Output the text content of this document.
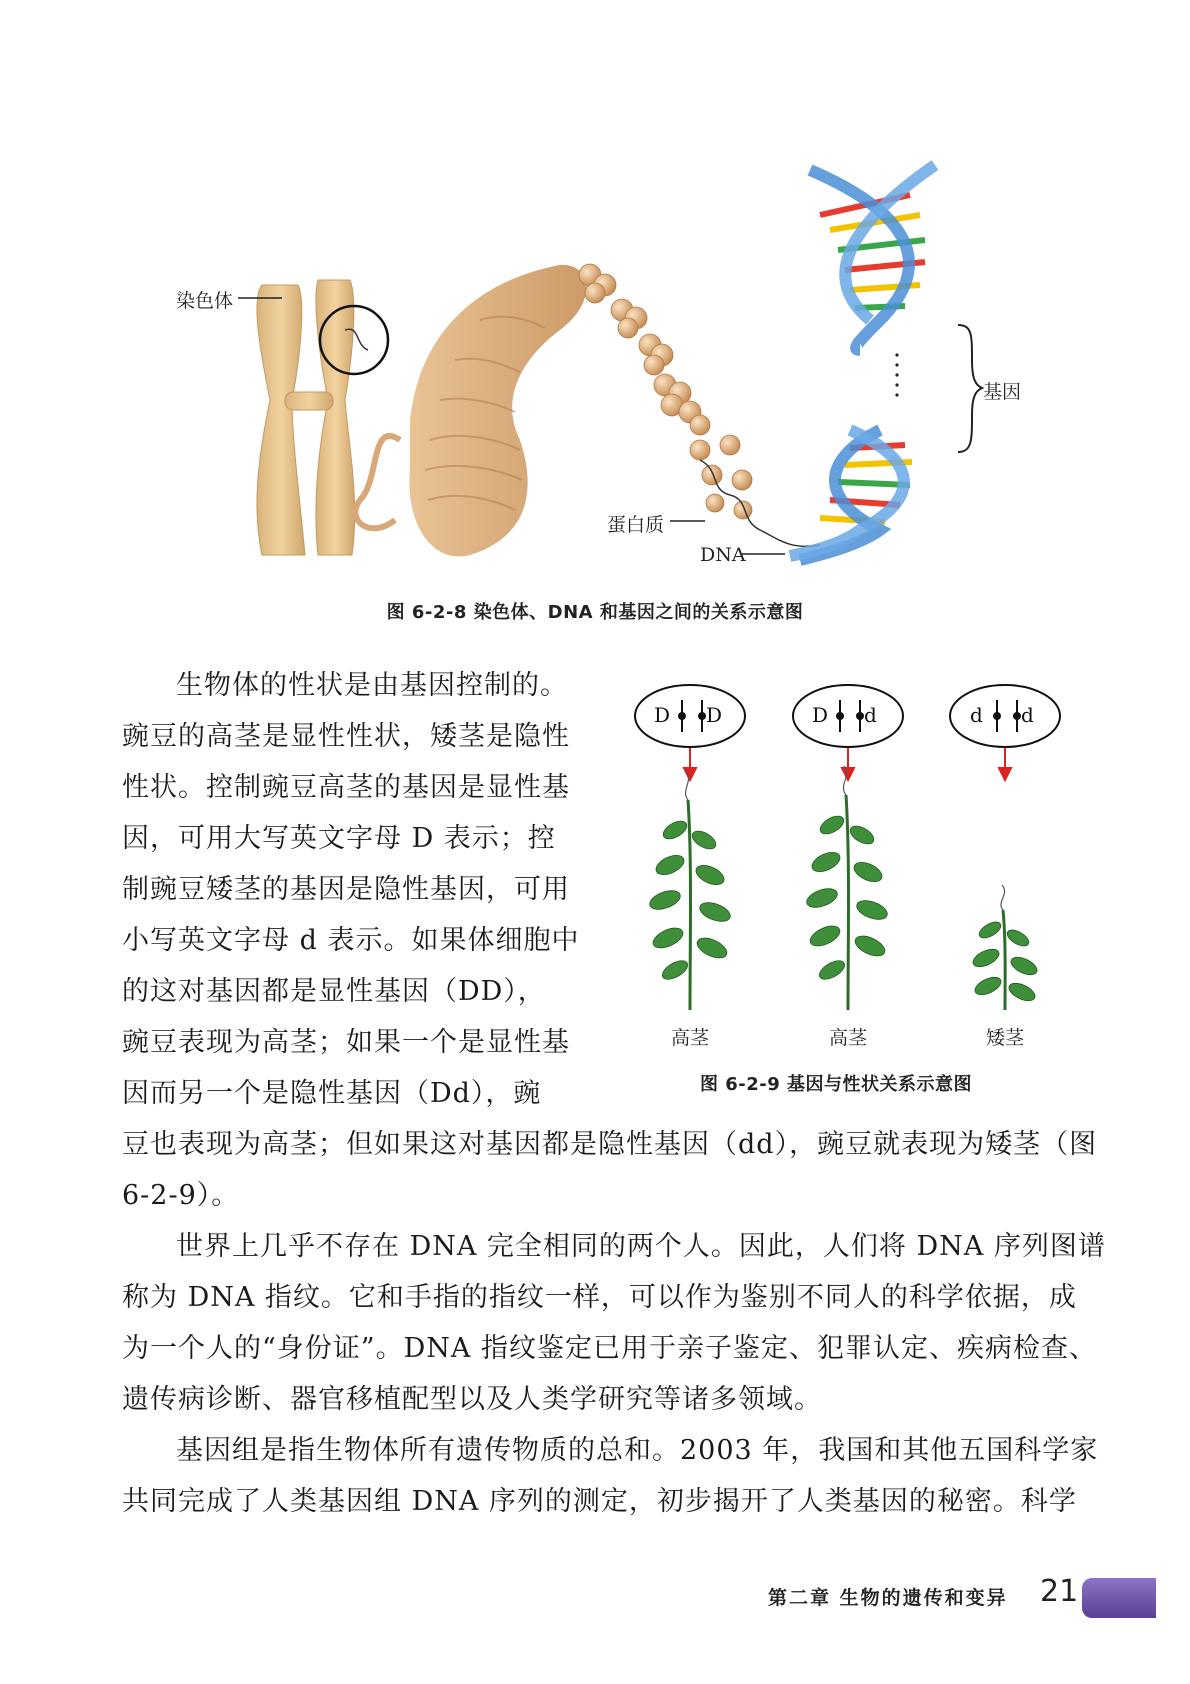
染色体
基因
蛋白质
DNA
图 6-2-8 染色体、DNA 和基因之间的关系示意图
D D	D d	d d
高茎	高茎	矮茎
图 6-2-9 基因与性状关系示意图

生物体的性状是由基因控制的。

豌豆的高茎是显性性状，矮茎是隐性

性状。控制豌豆高茎的基因是显性基

因，可用大写英文字母 D 表示；控

制豌豆矮茎的基因是隐性基因，可用

小写英文字母 d 表示。如果体细胞中

的这对基因都是显性基因（DD），

豌豆表现为高茎；如果一个是显性基

因而另一个是隐性基因（Dd），豌

豆也表现为高茎；但如果这对基因都是隐性基因（dd），豌豆就表现为矮茎（图

6-2-9）。

世界上几乎不存在 DNA 完全相同的两个人。因此，人们将 DNA 序列图谱

称为 DNA 指纹。它和手指的指纹一样，可以作为鉴别不同人的科学依据，成

为一个人的“身份证”。DNA 指纹鉴定已用于亲子鉴定、犯罪认定、疾病检查、

遗传病诊断、器官移植配型以及人类学研究等诸多领域。

基因组是指生物体所有遗传物质的总和。2003 年，我国和其他五国科学家

共同完成了人类基因组 DNA 序列的测定，初步揭开了人类基因的秘密。科学

第二章 生物的遗传和变异 21
